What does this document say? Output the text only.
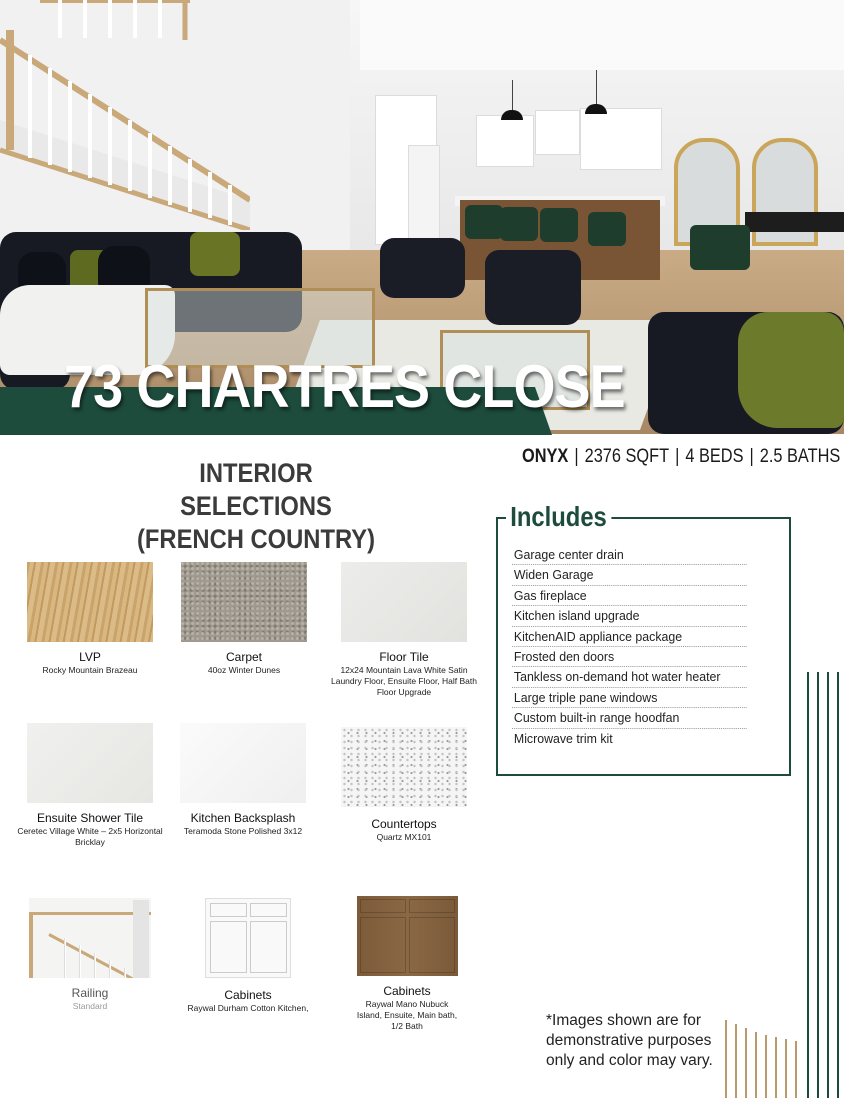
73 CHARTRES CLOSE
ONYX | 2376 SQFT | 4 BEDS | 2.5 BATHS
INTERIOR SELECTIONS
(FRENCH COUNTRY)
LVP
Rocky Mountain Brazeau
Carpet
40oz Winter Dunes
Floor Tile
12x24 Mountain Lava White Satin Laundry Floor, Ensuite Floor, Half Bath Floor Upgrade
Ensuite Shower Tile
Ceretec Village White – 2x5 Horizontal Bricklay
Kitchen Backsplash
Teramoda Stone Polished 3x12	Countertops
Quartz MX101
Railing
Standard
Cabinets
Raywal Durham Cotton Kitchen,
Cabinets
Raywal Mano Nubuck Island, Ensuite, Main bath, 1/2 Bath
Includes
Garage center drain
Widen Garage
Gas fireplace
Kitchen island upgrade
KitchenAID appliance package
Frosted den doors
Tankless on-demand hot water heater
Large triple pane windows
Custom built-in range hoodfan
Microwave trim kit
*Images shown are for demonstrative purposes only and color may vary.
